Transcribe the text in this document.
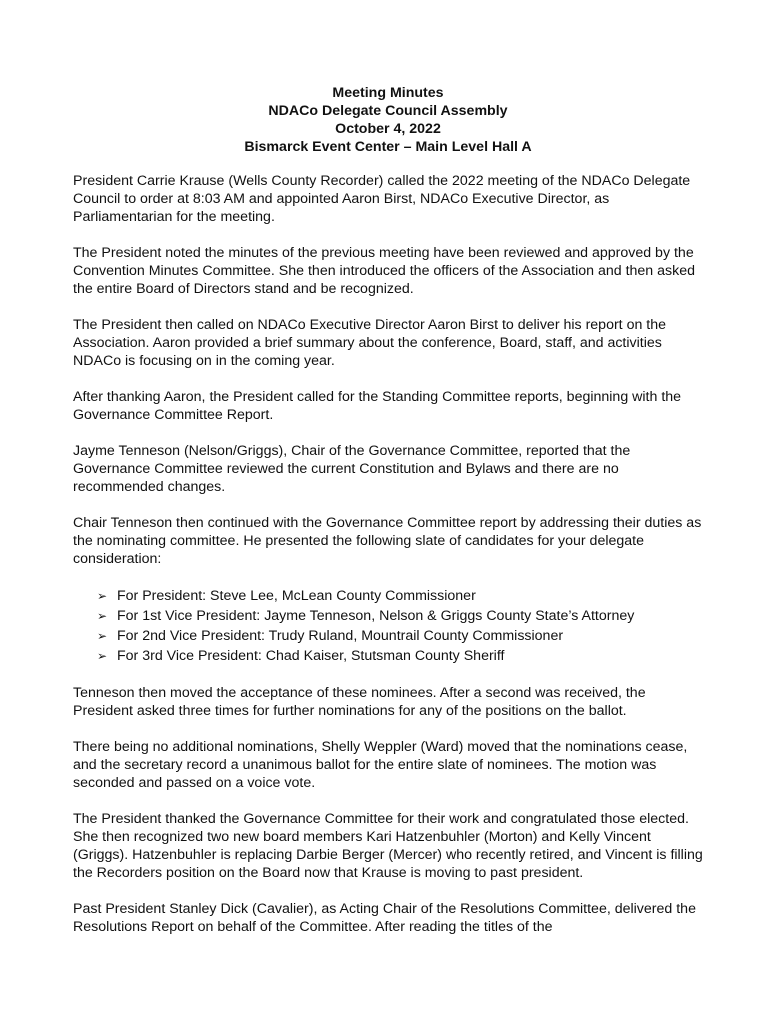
Meeting Minutes
NDACo Delegate Council Assembly
October 4, 2022
Bismarck Event Center – Main Level Hall A

President Carrie Krause (Wells County Recorder) called the 2022 meeting of the NDACo Delegate Council to order at 8:03 AM and appointed Aaron Birst, NDACo Executive Director, as Parliamentarian for the meeting.

The President noted the minutes of the previous meeting have been reviewed and approved by the Convention Minutes Committee. She then introduced the officers of the Association and then asked the entire Board of Directors stand and be recognized.

The President then called on NDACo Executive Director Aaron Birst to deliver his report on the Association. Aaron provided a brief summary about the conference, Board, staff, and activities NDACo is focusing on in the coming year.

After thanking Aaron, the President called for the Standing Committee reports, beginning with the Governance Committee Report.

Jayme Tenneson (Nelson/Griggs), Chair of the Governance Committee, reported that the Governance Committee reviewed the current Constitution and Bylaws and there are no recommended changes.

Chair Tenneson then continued with the Governance Committee report by addressing their duties as the nominating committee. He presented the following slate of candidates for your delegate consideration:

➢ For President: Steve Lee, McLean County Commissioner
➢ For 1st Vice President: Jayme Tenneson, Nelson & Griggs County State’s Attorney
➢ For 2nd Vice President: Trudy Ruland, Mountrail County Commissioner
➢ For 3rd Vice President: Chad Kaiser, Stutsman County Sheriff

Tenneson then moved the acceptance of these nominees. After a second was received, the President asked three times for further nominations for any of the positions on the ballot.

There being no additional nominations, Shelly Weppler (Ward) moved that the nominations cease, and the secretary record a unanimous ballot for the entire slate of nominees. The motion was seconded and passed on a voice vote.

The President thanked the Governance Committee for their work and congratulated those elected. She then recognized two new board members Kari Hatzenbuhler (Morton) and Kelly Vincent (Griggs). Hatzenbuhler is replacing Darbie Berger (Mercer) who recently retired, and Vincent is filling the Recorders position on the Board now that Krause is moving to past president.

Past President Stanley Dick (Cavalier), as Acting Chair of the Resolutions Committee, delivered the Resolutions Report on behalf of the Committee. After reading the titles of the
